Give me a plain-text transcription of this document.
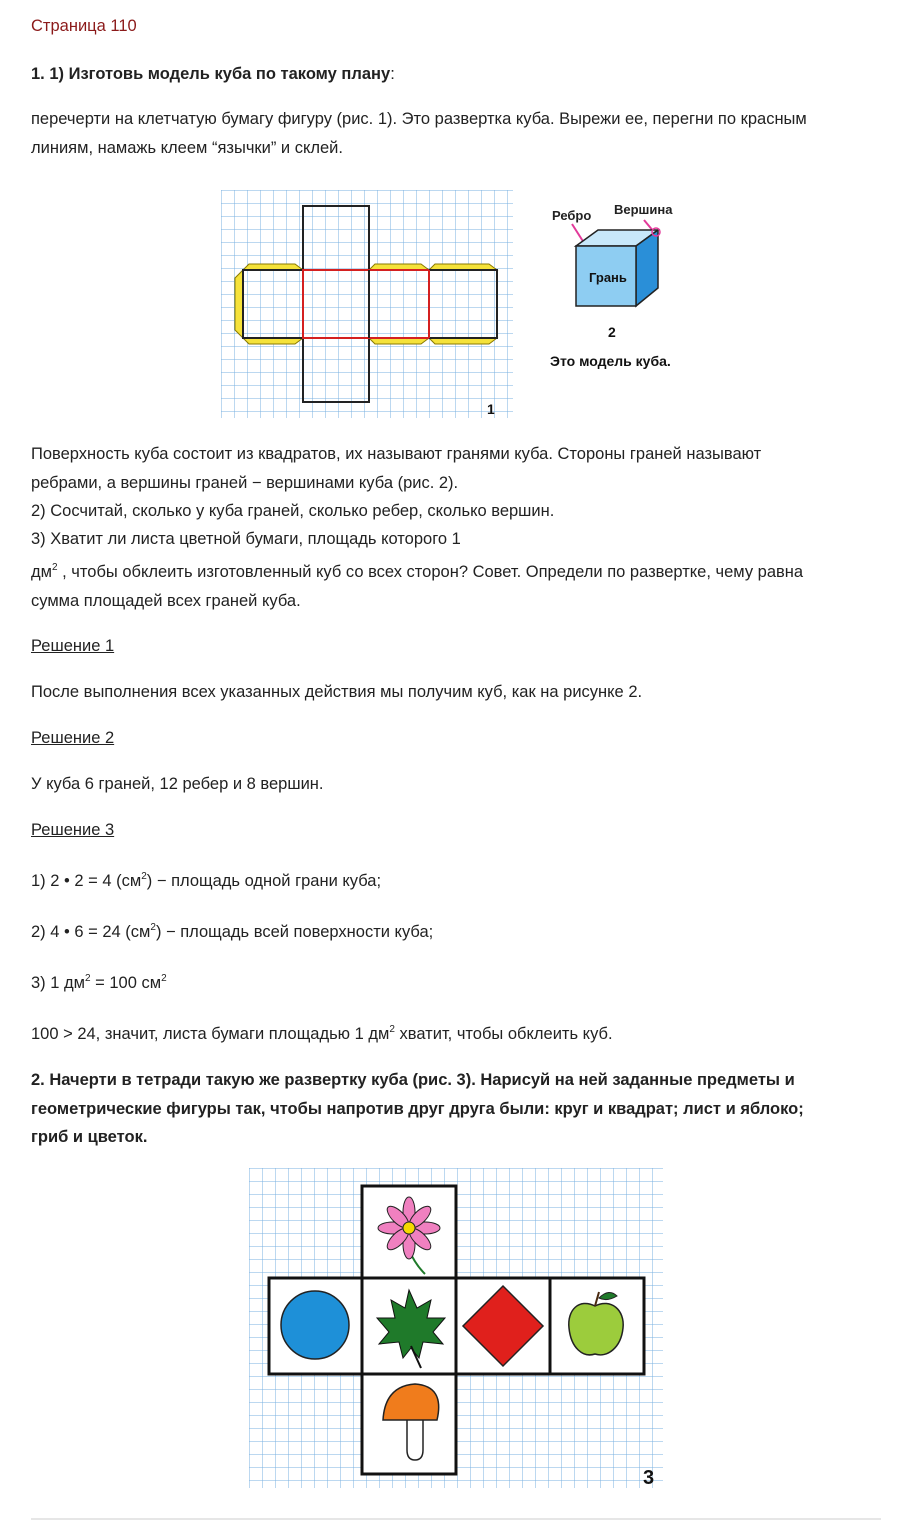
Страница 110

1. 1) Изготовь модель куба по такому плану:

перечерти на клетчатую бумагу фигуру (рис. 1). Это развертка куба. Вырежи ее, перегни по красным

линиям, намажь клеем “язычки” и склей.

1
Ребро Вершина
Грань
2
Это модель куба.

Поверхность куба состоит из квадратов, их называют гранями куба. Стороны граней называют

ребрами, а вершины граней − вершинами куба (рис. 2).

2) Сосчитай, сколько у куба граней, сколько ребер, сколько вершин.

3) Хватит ли листа цветной бумаги, площадь которого 1

$дм^2$ , чтобы обклеить изготовленный куб со всех сторон? Совет. Определи по развертке, чему равна

сумма площадей всех граней куба.

Решение 1

После выполнения всех указанных действия мы получим куб, как на рисунке 2.

Решение 2

У куба 6 граней, 12 ребер и 8 вершин.

Решение 3

1) 2 • 2 = 4 $(см^2)$ − площадь одной грани куба;

2) 4 • 6 = 24 $(см^2)$ − площадь всей поверхности куба;

3) 1 $дм^2 = 100$ $см^2$

100 > 24, значит, листа бумаги площадью 1 $дм^2$ хватит, чтобы обклеить куб.

2. Начерти в тетради такую же развертку куба (рис. 3). Нарисуй на ней заданные предметы и

геометрические фигуры так, чтобы напротив друг друга были: круг и квадрат; лист и яблоко;

гриб и цветок.

3
